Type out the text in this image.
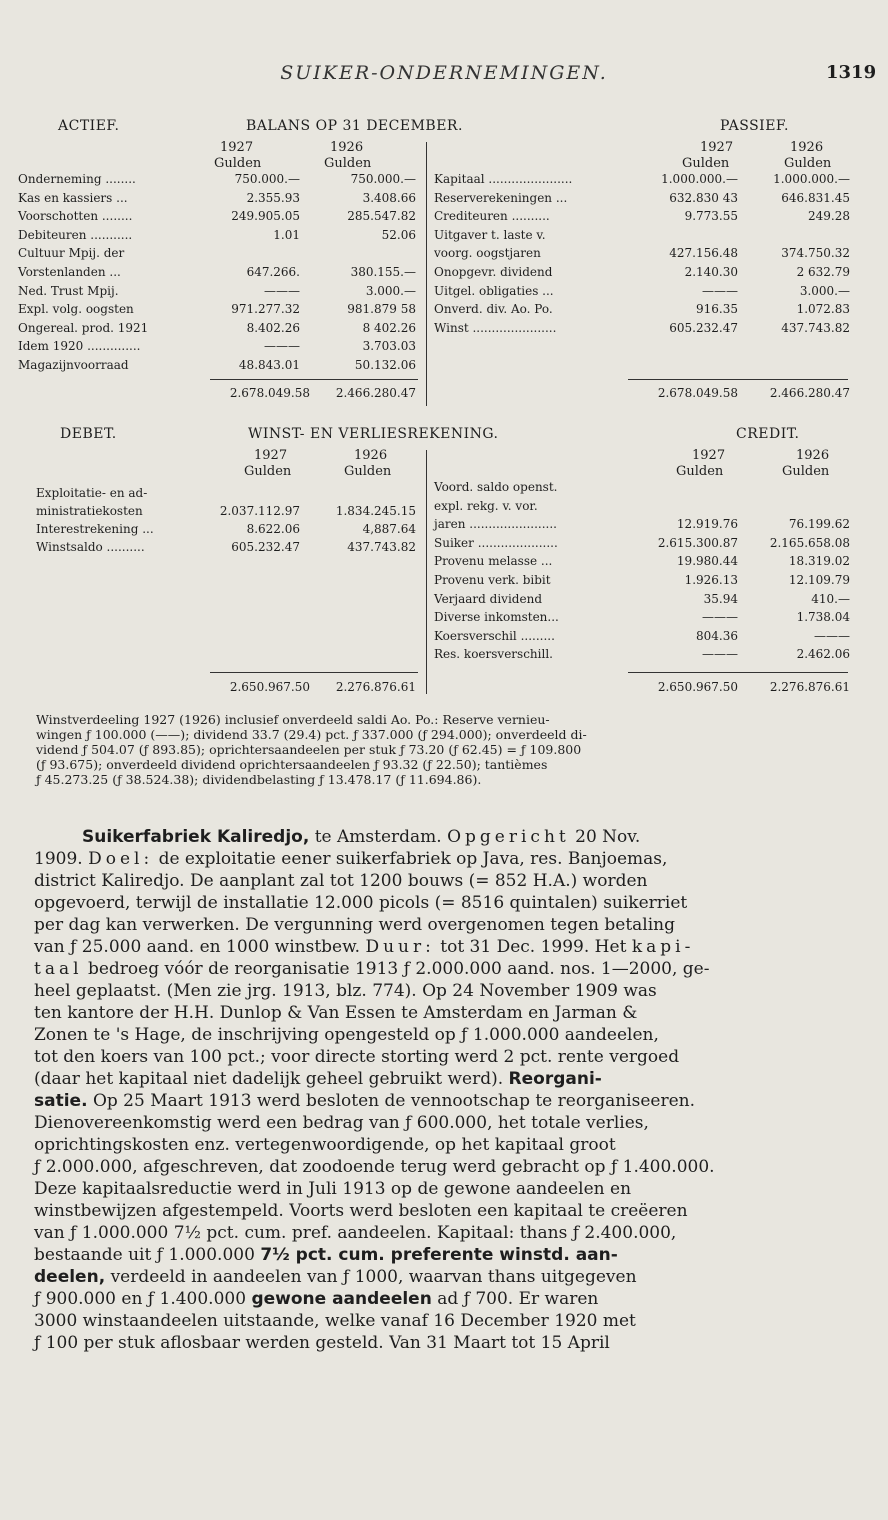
SUIKER-ONDERNEMINGEN.	1319
ACTIEF.	BALANS OP 31 DECEMBER.	PASSIEF.
1927	1926
Gulden	Gulden
1927	1926
Gulden	Gulden
Onderneming ........	750.000.—	750.000.—
Kas en kassiers ...	2.355.93	3.408.66
Voorschotten ........	249.905.05	285.547.82
Debiteuren ...........	1.01	52.06
Cultuur Mpij. der
Vorstenlanden ...	647.266.	380.155.—
Ned. Trust Mpij.	———	3.000.—
Expl. volg. oogsten	971.277.32	981.879 58
Ongereal. prod. 1921	8.402.26	8 402.26
Idem 1920 ..............	———	3.703.03
Magazijnvoorraad	48.843.01	50.132.06
Kapitaal ......................	1.000.000.—	1.000.000.—
Reserverekeningen ...	632.830 43	646.831.45
Crediteuren ..........	9.773.55	249.28
Uitgaver t. laste v.
voorg. oogstjaren	427.156.48	374.750.32
Onopgevr. dividend	2.140.30	2 632.79
Uitgel. obligaties ...	———	3.000.—
Onverd. div. Ao. Po.	916.35	1.072.83
Winst ......................	605.232.47	437.743.82
2.678.049.58	2.466.280.47	2.678.049.58	2.466.280.47
DEBET.	WINST- EN VERLIESREKENING.	CREDIT.
1927	1926
Gulden	Gulden
1927	1926
Gulden	Gulden
Exploitatie- en ad-
ministratiekosten	2.037.112.97	1.834.245.15
Interestrekening ...	8.622.06	4,887.64
Winstsaldo ..........	605.232.47	437.743.82
Voord. saldo openst.
expl. rekg. v. vor.
jaren .......................	12.919.76	76.199.62
Suiker .....................	2.615.300.87	2.165.658.08
Provenu melasse ...	19.980.44	18.319.02
Provenu verk. bibit	1.926.13	12.109.79
Verjaard dividend	35.94	410.—
Diverse inkomsten...	———	1.738.04
Koersverschil .........	804.36	———
Res. koersverschill.	———	2.462.06
2.650.967.50	2.276.876.61	2.650.967.50	2.276.876.61
Winstverdeeling 1927 (1926) inclusief onverdeeld saldi Ao. Po.: Reserve vernieu-
wingen ƒ 100.000 (——); dividend 33.7 (29.4) pct. ƒ 337.000 (ƒ 294.000); onverdeeld di-
vidend ƒ 504.07 (ƒ 893.85); oprichtersaandeelen per stuk ƒ 73.20 (ƒ 62.45) = ƒ 109.800
(ƒ 93.675); onverdeeld dividend oprichtersaandeelen ƒ 93.32 (ƒ 22.50); tantièmes
ƒ 45.273.25 (ƒ 38.524.38); dividendbelasting ƒ 13.478.17 (ƒ 11.694.86).
Suikerfabriek Kaliredjo, te Amsterdam. Opgericht 20 Nov.
1909. Doel: de exploitatie eener suikerfabriek op Java, res. Banjoemas,
district Kaliredjo. De aanplant zal tot 1200 bouws (= 852 H.A.) worden
opgevoerd, terwijl de installatie 12.000 picols (= 8516 quintalen) suikerriet
per dag kan verwerken. De vergunning werd overgenomen tegen betaling
van ƒ 25.000 aand. en 1000 winstbew. Duur: tot 31 Dec. 1999. Het kapi-
taal bedroeg vóór de reorganisatie 1913 ƒ 2.000.000 aand. nos. 1—2000, ge-
heel geplaatst. (Men zie jrg. 1913, blz. 774). Op 24 November 1909 was
ten kantore der H.H. Dunlop & Van Essen te Amsterdam en Jarman &
Zonen te 's Hage, de inschrijving opengesteld op ƒ 1.000.000 aandeelen,
tot den koers van 100 pct.; voor directe storting werd 2 pct. rente vergoed
(daar het kapitaal niet dadelijk geheel gebruikt werd). Reorgani-
satie. Op 25 Maart 1913 werd besloten de vennootschap te reorganiseeren.
Dienovereenkomstig werd een bedrag van ƒ 600.000, het totale verlies,
oprichtingskosten enz. vertegenwoordigende, op het kapitaal groot
ƒ 2.000.000, afgeschreven, dat zoodoende terug werd gebracht op ƒ 1.400.000.
Deze kapitaalsreductie werd in Juli 1913 op de gewone aandeelen en
winstbewijzen afgestempeld. Voorts werd besloten een kapitaal te creëeren
van ƒ 1.000.000 7½ pct. cum. pref. aandeelen. Kapitaal: thans ƒ 2.400.000,
bestaande uit ƒ 1.000.000 7½ pct. cum. preferente winstd. aan-
deelen, verdeeld in aandeelen van ƒ 1000, waarvan thans uitgegeven
ƒ 900.000 en ƒ 1.400.000 gewone aandeelen ad ƒ 700. Er waren
3000 winstaandeelen uitstaande, welke vanaf 16 December 1920 met
ƒ 100 per stuk aflosbaar werden gesteld. Van 31 Maart tot 15 April
